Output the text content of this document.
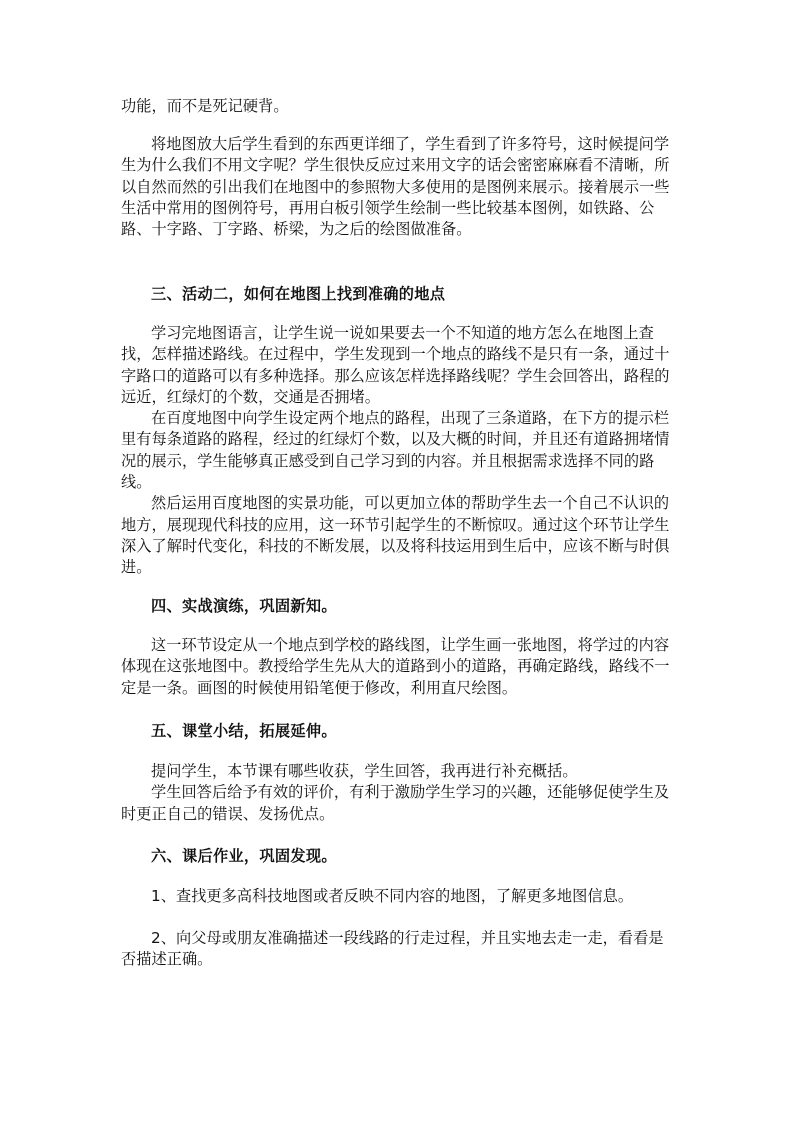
功能，而不是死记硬背。

将地图放大后学生看到的东西更详细了，学生看到了许多符号，这时候提问学生为什么我们不用文字呢？学生很快反应过来用文字的话会密密麻麻看不清晰，所以自然而然的引出我们在地图中的参照物大多使用的是图例来展示。接着展示一些生活中常用的图例符号，再用白板引领学生绘制一些比较基本图例，如铁路、公路、十字路、丁字路、桥梁，为之后的绘图做准备。

三、活动二，如何在地图上找到准确的地点

学习完地图语言，让学生说一说如果要去一个不知道的地方怎么在地图上查找，怎样描述路线。在过程中，学生发现到一个地点的路线不是只有一条，通过十字路口的道路可以有多种选择。那么应该怎样选择路线呢？学生会回答出，路程的远近，红绿灯的个数，交通是否拥堵。

在百度地图中向学生设定两个地点的路程，出现了三条道路，在下方的提示栏里有每条道路的路程，经过的红绿灯个数，以及大概的时间，并且还有道路拥堵情况的展示，学生能够真正感受到自己学习到的内容。并且根据需求选择不同的路线。

然后运用百度地图的实景功能，可以更加立体的帮助学生去一个自己不认识的地方，展现现代科技的应用，这一环节引起学生的不断惊叹。通过这个环节让学生深入了解时代变化，科技的不断发展，以及将科技运用到生后中，应该不断与时俱进。

四、实战演练，巩固新知。

这一环节设定从一个地点到学校的路线图，让学生画一张地图，将学过的内容体现在这张地图中。教授给学生先从大的道路到小的道路，再确定路线，路线不一定是一条。画图的时候使用铅笔便于修改，利用直尺绘图。

五、课堂小结，拓展延伸。

提问学生，本节课有哪些收获，学生回答，我再进行补充概括。

学生回答后给予有效的评价，有利于激励学生学习的兴趣，还能够促使学生及时更正自己的错误、发扬优点。

六、课后作业，巩固发现。

1、查找更多高科技地图或者反映不同内容的地图，了解更多地图信息。

2、向父母或朋友准确描述一段线路的行走过程，并且实地去走一走，看看是否描述正确。
